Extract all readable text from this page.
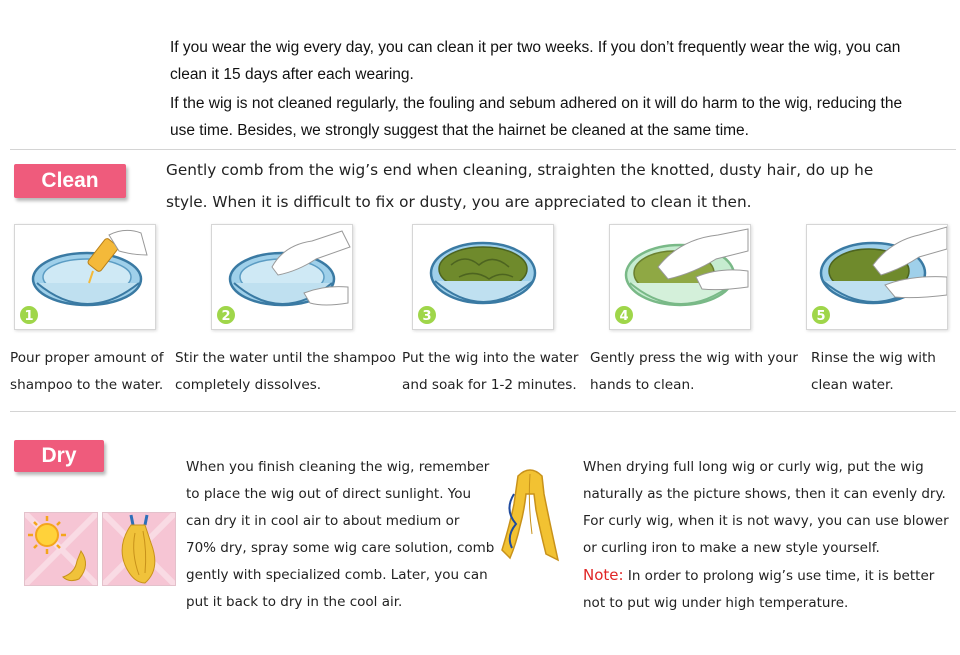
If you wear the wig every day, you can clean it per two weeks. If you don’t frequently wear the wig, you can clean it 15 days after each wearing.

If the wig is not cleaned regularly, the fouling and sebum adhered on it will do harm to the wig, reducing the use time. Besides, we strongly suggest that the hairnet be cleaned at the same time.

Clean	Gently comb from the wig’s end when cleaning, straighten the knotted, dusty hair, do up he
style. When it is difficult to fix or dusty, you are appreciated to clean it then.
1	2	3	4	5
Pour proper amount of
shampoo to the water.
Stir the water until the shampoo
completely dissolves.
Put the wig into the water
and soak for 1-2 minutes.
Gently press the wig with your
hands to clean.
Rinse the wig with
clean water.
Dry	When you finish cleaning the wig, remember
to place the wig out of direct sunlight. You
can dry it in cool air to about medium or
70% dry, spray some wig care solution, comb
gently with specialized comb. Later, you can
put it back to dry in the cool air.
When drying full long wig or curly wig, put the wig
naturally as the picture shows, then it can evenly dry.
For curly wig, when it is not wavy, you can use blower
or curling iron to make a new style yourself.
Note: In order to prolong wig’s use time, it is better
not to put wig under high temperature.
